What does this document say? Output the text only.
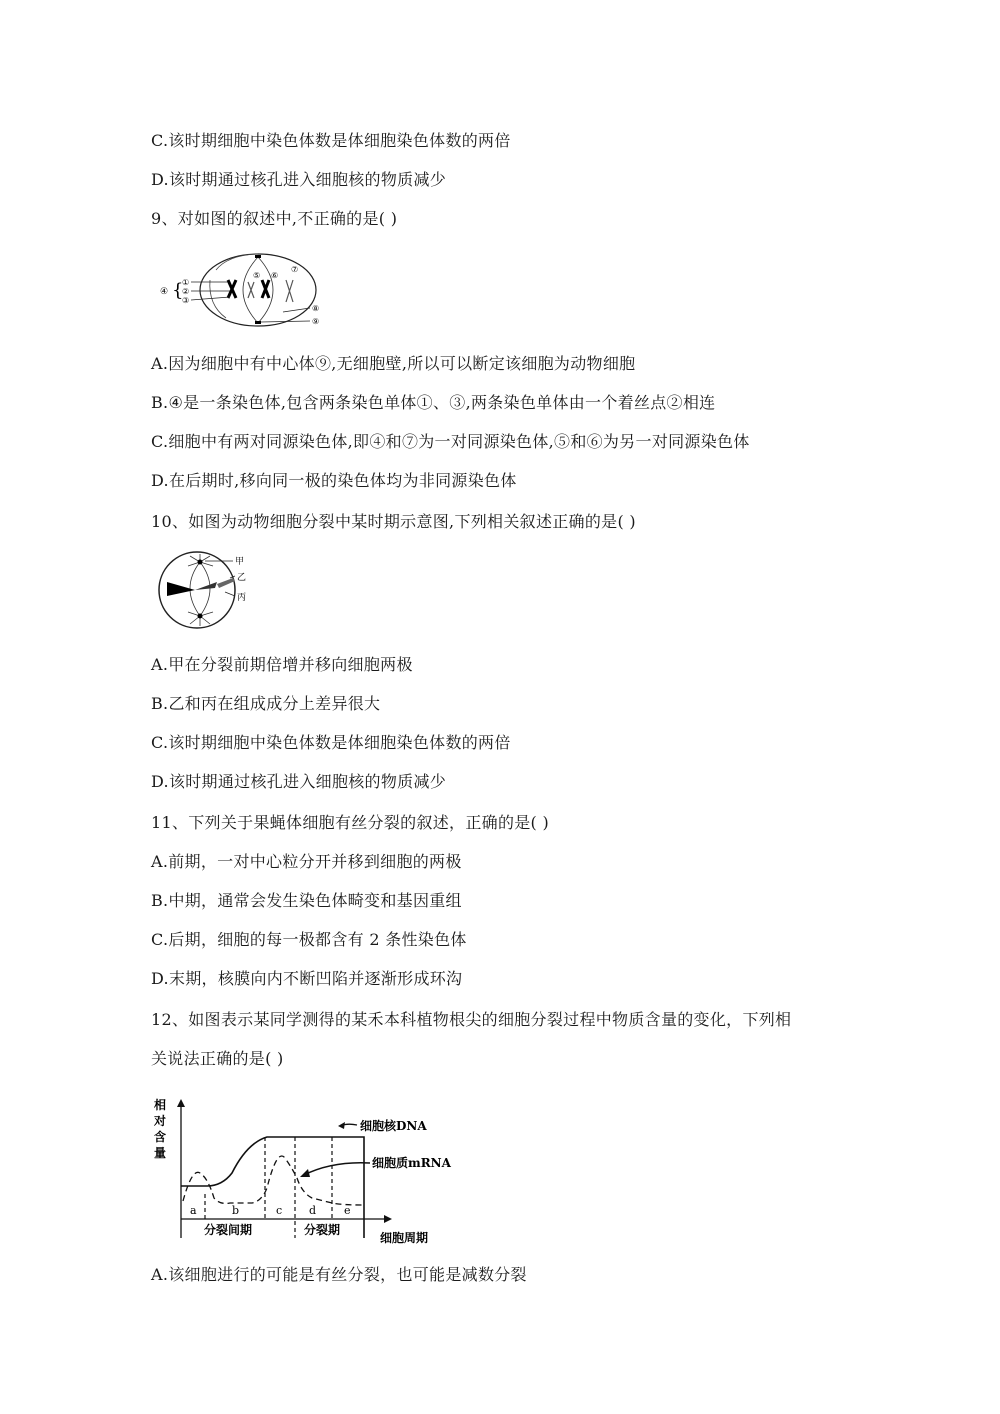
C.该时期细胞中染色体数是体细胞染色体数的两倍
D.该时期通过核孔进入细胞核的物质减少
9、对如图的叙述中,不正确的是( )
④ {
①
②
③
⑤ ⑥
⑦
⑧
⑨
A.因为细胞中有中心体⑨,无细胞壁,所以可以断定该细胞为动物细胞
B.④是一条染色体,包含两条染色单体①、③,两条染色单体由一个着丝点②相连
C.细胞中有两对同源染色体,即④和⑦为一对同源染色体,⑤和⑥为另一对同源染色体
D.在后期时,移向同一极的染色体均为非同源染色体
10、如图为动物细胞分裂中某时期示意图,下列相关叙述正确的是( )
甲
乙
丙
A.甲在分裂前期倍增并移向细胞两极
B.乙和丙在组成成分上差异很大
C.该时期细胞中染色体数是体细胞染色体数的两倍
D.该时期通过核孔进入细胞核的物质减少
11、下列关于果蝇体细胞有丝分裂的叙述，正确的是( )
A.前期，一对中心粒分开并移到细胞的两极
B.中期，通常会发生染色体畸变和基因重组
C.后期，细胞的每一极都含有 2 条性染色体
D.末期，核膜向内不断凹陷并逐渐形成环沟
12、如图表示某同学测得的某禾本科植物根尖的细胞分裂过程中物质含量的变化，下列相
关说法正确的是( )
相
对
含
量
a	b	c d	e
分裂间期	分裂期
细胞周期
细胞核DNA
细胞质mRNA
A.该细胞进行的可能是有丝分裂，也可能是减数分裂
